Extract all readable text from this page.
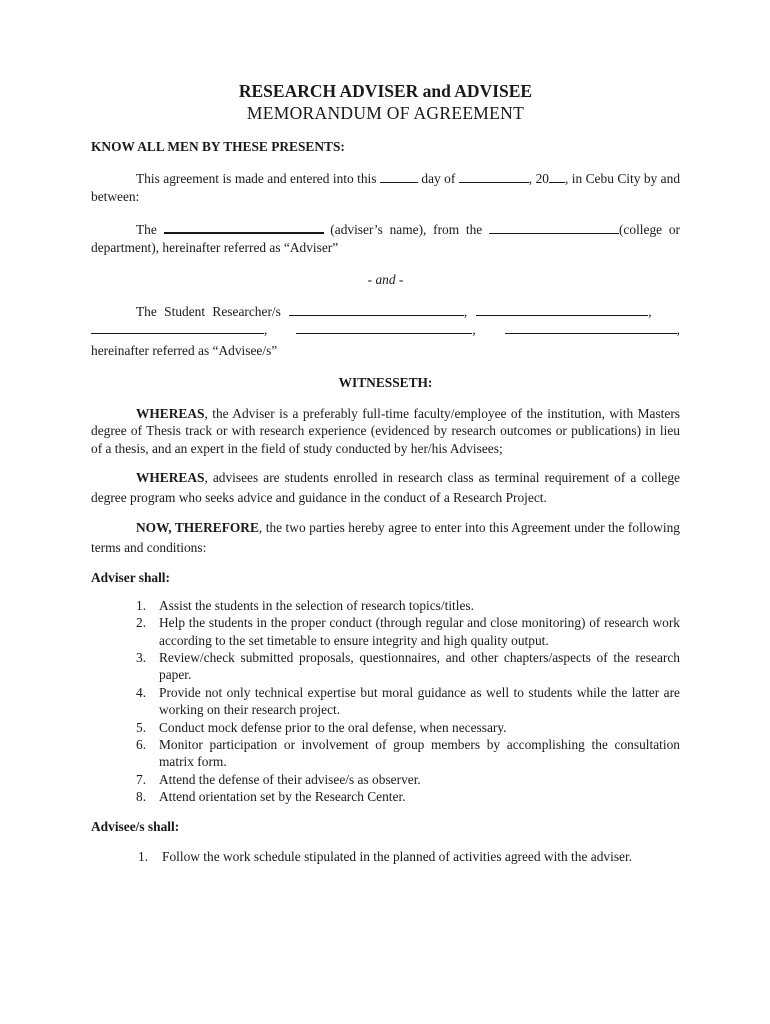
RESEARCH ADVISER and ADVISEE
MEMORANDUM OF AGREEMENT
KNOW ALL MEN BY THESE PRESENTS:

This agreement is made and entered into this	day of	, 20 , in Cebu City by and between:

The	(adviser’s name), from the	(college or department), hereinafter referred as “Adviser”

- and -
The Student Researcher/s	,	,
,	,	,
hereinafter referred as “Advisee/s”
WITNESSETH:

WHEREAS, the Adviser is a preferably full-time faculty/employee of the institution, with Masters degree of Thesis track or with research experience (evidenced by research outcomes or publications) in lieu of a thesis, and an expert in the field of study conducted by her/his Advisees;

WHEREAS, advisees are students enrolled in research class as terminal requirement of a college degree program who seeks advice and guidance in the conduct of a Research Project.

NOW, THEREFORE, the two parties hereby agree to enter into this Agreement under the following terms and conditions:

Adviser shall:
1. Assist the students in the selection of research topics/titles.
2. Help the students in the proper conduct (through regular and close monitoring) of research work according to the set timetable to ensure integrity and high quality output.
3. Review/check submitted proposals, questionnaires, and other chapters/aspects of the research paper.
4. Provide not only technical expertise but moral guidance as well to students while the latter are working on their research project.
5. Conduct mock defense prior to the oral defense, when necessary.
6. Monitor participation or involvement of group members by accomplishing the consultation matrix form.
7. Attend the defense of their advisee/s as observer.
8. Attend orientation set by the Research Center.
Advisee/s shall:
1. Follow the work schedule stipulated in the planned of activities agreed with the adviser.
